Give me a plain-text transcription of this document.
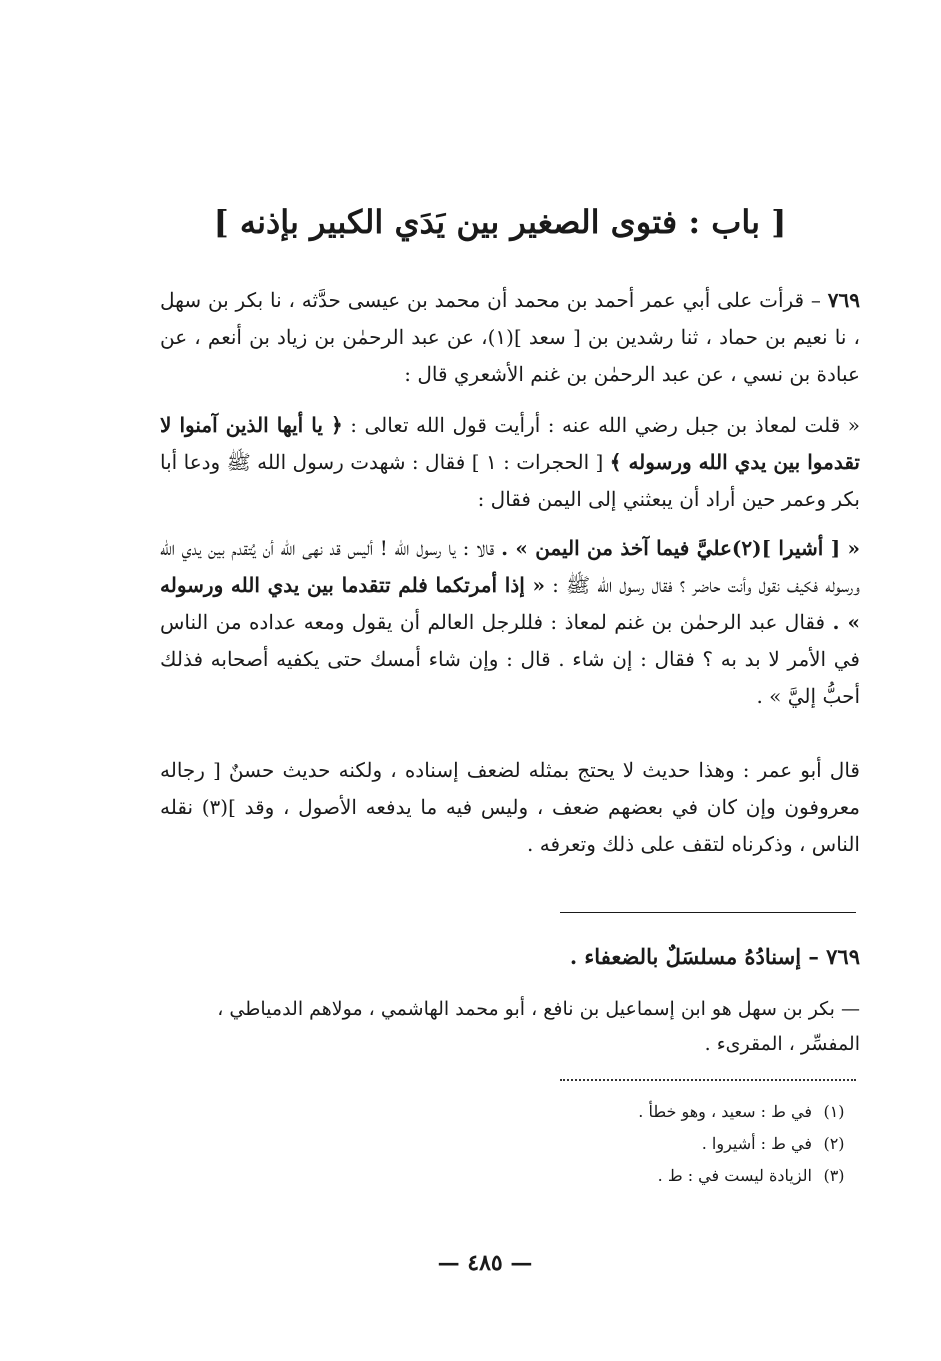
[ باب : فتوى الصغير بين يَدَي الكبير بإذنه ]
٧٦٩ – قرأت على أبي عمر أحمد بن محمد أن محمد بن عيسى حدَّثه ، نا بكر بن سهل ، نا نعيم بن حماد ، ثنا رشدين بن [ سعد ](١)، عن عبد الرحمٰن بن زياد بن أنعم ، عن عبادة بن نسي ، عن عبد الرحمٰن بن غنم الأشعري قال :
« قلت لمعاذ بن جبل رضي الله عنه : أرأيت قول الله تعالى : ﴿ يا أيها الذين آمنوا لا تقدموا بين يدي الله ورسوله ﴾ [ الحجرات : ١ ] فقال : شهدت رسول الله ﷺ ودعا أبا بكر وعمر حين أراد أن يبعثني إلى اليمن فقال :
« [ أشيرا ](٢)عليَّ فيما آخذ من اليمن » . قالا : يا رسول الله ! أليس قد نهى الله أن يُتقدم بين يدي الله ورسوله فكيف نقول وأنت حاضر ؟ فقال رسول الله ﷺ : « إذا أمرتكما فلم تتقدما بين يدي الله ورسوله » . فقال عبد الرحمٰن بن غنم لمعاذ : فللرجل العالم أن يقول ومعه عداده من الناس في الأمر لا بد به ؟ فقال : إن شاء . قال : وإن شاء أمسك حتى يكفيه أصحابه فذلك أحبُّ إليَّ » .
قال أبو عمر : وهذا حديث لا يحتج بمثله لضعف إسناده ، ولكنه حديث حسنٌ [ رجاله معروفون وإن كان في بعضهم ضعف ، وليس فيه ما يدفعه الأصول ، وقد ](٣) نقله الناس ، وذكرناه لتقف على ذلك وتعرفه .
٧٦٩ – إسنادُهُ مسلسَلٌ بالضعفاء .
— بكر بن سهل هو ابن إسماعيل بن نافع ، أبو محمد الهاشمي ، مولاهم الدمياطي ، المفسِّر ، المقرىء .
(١)
في ط : سعيد ، وهو خطأ .
(٢)
في ط : أشيروا .
(٣)
الزيادة ليست في : ط .
— ٤٨٥ —
